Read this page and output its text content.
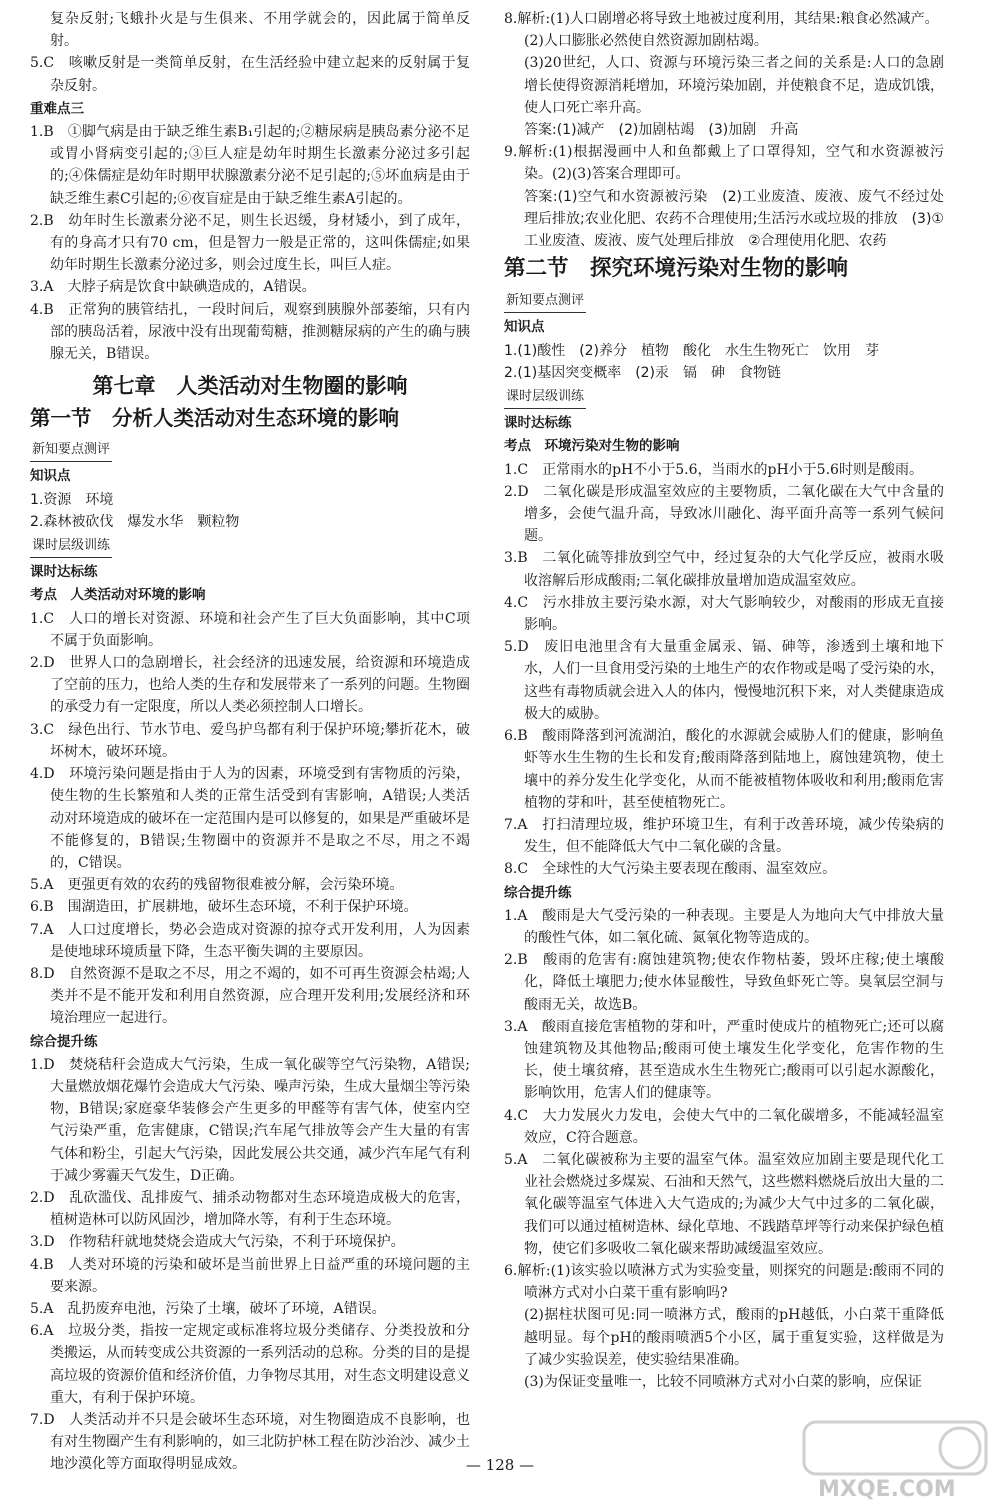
复杂反射;飞蛾扑火是与生俱来、不用学就会的，因此属于简单反射。

5.C　咳嗽反射是一类简单反射，在生活经验中建立起来的反射属于复杂反射。

重难点三

1.B　①脚气病是由于缺乏维生素B₁引起的;②糖尿病是胰岛素分泌不足或胃小肾病变引起的;③巨人症是幼年时期生长激素分泌过多引起的;④侏儒症是幼年时期甲状腺激素分泌不足引起的;⑤坏血病是由于缺乏维生素C引起的;⑥夜盲症是由于缺乏维生素A引起的。

2.B　幼年时生长激素分泌不足，则生长迟缓，身材矮小，到了成年，有的身高才只有70 cm，但是智力一般是正常的，这叫侏儒症;如果幼年时期生长激素分泌过多，则会过度生长，叫巨人症。

3.A　大脖子病是饮食中缺碘造成的，A错误。

4.B　正常狗的胰管结扎，一段时间后，观察到胰腺外部萎缩，只有内部的胰岛活着，尿液中没有出现葡萄糖，推测糖尿病的产生的确与胰腺无关，B错误。

第七章　人类活动对生物圈的影响
第一节　分析人类活动对生态环境的影响
新知要点测评
知识点

1.资源　环境

2.森林被砍伐　爆发水华　颗粒物

课时层级训练
课时达标练
考点　人类活动对环境的影响

1.C　人口的增长对资源、环境和社会产生了巨大负面影响，其中C项不属于负面影响。

2.D　世界人口的急剧增长，社会经济的迅速发展，给资源和环境造成了空前的压力，也给人类的生存和发展带来了一系列的问题。生物圈的承受力有一定限度，所以人类必须控制人口增长。

3.C　绿色出行、节水节电、爱鸟护鸟都有利于保护环境;攀折花木，破坏树木，破坏环境。

4.D　环境污染问题是指由于人为的因素，环境受到有害物质的污染，使生物的生长繁殖和人类的正常生活受到有害影响，A错误;人类活动对环境造成的破坏在一定范围内是可以修复的，如果是严重破坏是不能修复的，B错误;生物圈中的资源并不是取之不尽，用之不竭的，C错误。

5.A　更强更有效的农药的残留物很难被分解，会污染环境。

6.B　围湖造田，扩展耕地，破坏生态环境，不利于保护环境。

7.A　人口过度增长，势必会造成对资源的掠夺式开发利用，人为因素是使地球环境质量下降，生态平衡失调的主要原因。

8.D　自然资源不是取之不尽，用之不竭的，如不可再生资源会枯竭;人类并不是不能开发和利用自然资源，应合理开发利用;发展经济和环境治理应一起进行。

综合提升练

1.D　焚烧秸秆会造成大气污染，生成一氧化碳等空气污染物，A错误;大量燃放烟花爆竹会造成大气污染、噪声污染，生成大量烟尘等污染物，B错误;家庭豪华装修会产生更多的甲醛等有害气体，使室内空气污染严重，危害健康，C错误;汽车尾气排放等会产生大量的有害气体和粉尘，引起大气污染，因此发展公共交通，减少汽车尾气有利于减少雾霾天气发生，D正确。

2.D　乱砍滥伐、乱排废气、捕杀动物都对生态环境造成极大的危害，植树造林可以防风固沙，增加降水等，有利于生态环境。

3.D　作物秸秆就地焚烧会造成大气污染，不利于环境保护。

4.B　人类对环境的污染和破坏是当前世界上日益严重的环境问题的主要来源。

5.A　乱扔废弃电池，污染了土壤，破坏了环境，A错误。

6.A　垃圾分类，指按一定规定或标准将垃圾分类储存、分类投放和分类搬运，从而转变成公共资源的一系列活动的总称。分类的目的是提高垃圾的资源价值和经济价值，力争物尽其用，对生态文明建设意义重大，有利于保护环境。

7.D　人类活动并不只是会破坏生态环境，对生物圈造成不良影响，也有对生物圈产生有利影响的，如三北防护林工程在防沙治沙、减少土地沙漠化等方面取得明显成效。

8.解析:(1)人口剧增必将导致土地被过度利用，其结果:粮食必然减产。

(2)人口膨胀必然使自然资源加剧枯竭。

(3)20世纪，人口、资源与环境污染三者之间的关系是:人口的急剧增长使得资源消耗增加，环境污染加剧，并使粮食不足，造成饥饿，使人口死亡率升高。

答案:(1)减产　(2)加剧枯竭　(3)加剧　升高

9.解析:(1)根据漫画中人和鱼都戴上了口罩得知，空气和水资源被污染。(2)(3)答案合理即可。

答案:(1)空气和水资源被污染　(2)工业废渣、废液、废气不经过处理后排放;农业化肥、农药不合理使用;生活污水或垃圾的排放　(3)①工业废渣、废液、废气处理后排放　②合理使用化肥、农药

第二节　探究环境污染对生物的影响
新知要点测评
知识点

1.(1)酸性　(2)养分　植物　酸化　水生生物死亡　饮用　芽

2.(1)基因突变概率　(2)汞　镉　砷　食物链

课时层级训练
课时达标练
考点　环境污染对生物的影响

1.C　正常雨水的pH不小于5.6，当雨水的pH小于5.6时则是酸雨。

2.D　二氧化碳是形成温室效应的主要物质，二氧化碳在大气中含量的增多，会使气温升高，导致冰川融化、海平面升高等一系列气候问题。

3.B　二氧化硫等排放到空气中，经过复杂的大气化学反应，被雨水吸收溶解后形成酸雨;二氧化碳排放量增加造成温室效应。

4.C　污水排放主要污染水源，对大气影响较少，对酸雨的形成无直接影响。

5.D　废旧电池里含有大量重金属汞、镉、砷等，渗透到土壤和地下水，人们一旦食用受污染的土地生产的农作物或是喝了受污染的水，这些有毒物质就会进入人的体内，慢慢地沉积下来，对人类健康造成极大的威胁。

6.B　酸雨降落到河流湖泊，酸化的水源就会威胁人们的健康，影响鱼虾等水生生物的生长和发育;酸雨降落到陆地上，腐蚀建筑物，使土壤中的养分发生化学变化，从而不能被植物体吸收和利用;酸雨危害植物的芽和叶，甚至使植物死亡。

7.A　打扫清理垃圾，维护环境卫生，有利于改善环境，减少传染病的发生，但不能降低大气中二氧化碳的含量。

8.C　全球性的大气污染主要表现在酸雨、温室效应。

综合提升练

1.A　酸雨是大气受污染的一种表现。主要是人为地向大气中排放大量的酸性气体，如二氧化硫、氮氧化物等造成的。

2.B　酸雨的危害有:腐蚀建筑物;使农作物枯萎，毁坏庄稼;使土壤酸化，降低土壤肥力;使水体显酸性，导致鱼虾死亡等。臭氧层空洞与酸雨无关，故选B。

3.A　酸雨直接危害植物的芽和叶，严重时使成片的植物死亡;还可以腐蚀建筑物及其他物品;酸雨可使土壤发生化学变化，危害作物的生长，使土壤贫瘠，甚至造成水生生物死亡;酸雨可以引起水源酸化，影响饮用，危害人们的健康等。

4.C　大力发展火力发电，会使大气中的二氧化碳增多，不能减轻温室效应，C符合题意。

5.A　二氧化碳被称为主要的温室气体。温室效应加剧主要是现代化工业社会燃烧过多煤炭、石油和天然气，这些燃料燃烧后放出大量的二氧化碳等温室气体进入大气造成的;为减少大气中过多的二氧化碳，我们可以通过植树造林、绿化草地、不践踏草坪等行动来保护绿色植物，使它们多吸收二氧化碳来帮助减缓温室效应。

6.解析:(1)该实验以喷淋方式为实验变量，则探究的问题是:酸雨不同的喷淋方式对小白菜干重有影响吗?

(2)据柱状图可见:同一喷淋方式，酸雨的pH越低，小白菜干重降低越明显。每个pH的酸雨喷洒5个小区，属于重复实验，这样做是为了减少实验误差，使实验结果准确。

(3)为保证变量唯一，比较不同喷淋方式对小白菜的影响，应保证

— 128 —
MXQE.COM
